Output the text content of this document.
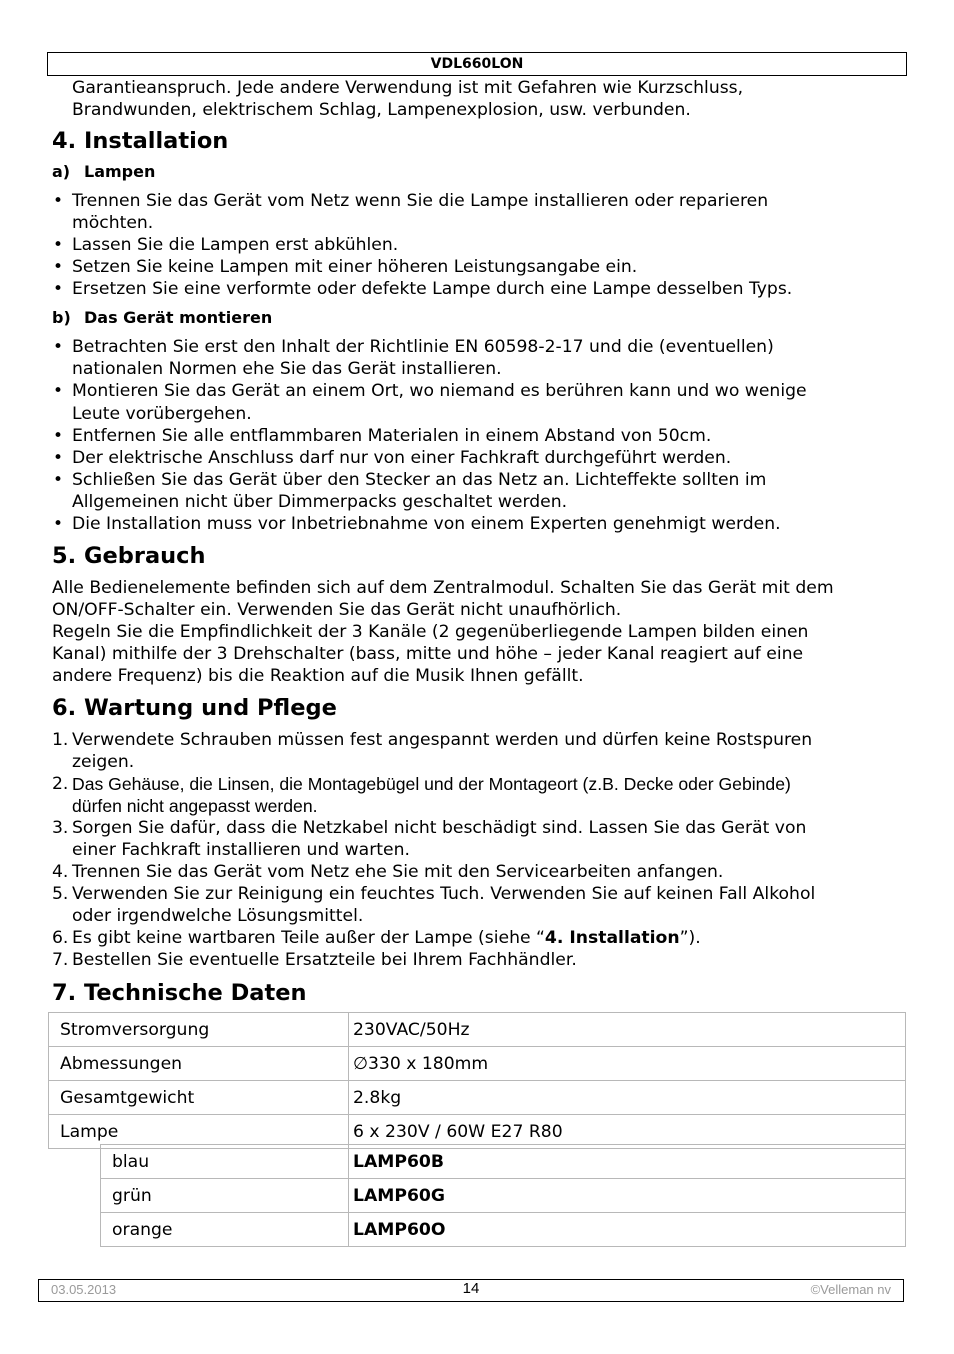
VDL660LON
Garantieanspruch. Jede andere Verwendung ist mit Gefahren wie Kurzschluss,
Brandwunden, elektrischem Schlag, Lampenexplosion, usw. verbunden.
4. Installation
a) Lampen
• Trennen Sie das Gerät vom Netz wenn Sie die Lampe installieren oder reparieren
möchten.
• Lassen Sie die Lampen erst abkühlen.
• Setzen Sie keine Lampen mit einer höheren Leistungsangabe ein.
• Ersetzen Sie eine verformte oder defekte Lampe durch eine Lampe desselben Typs.
b) Das Gerät montieren
• Betrachten Sie erst den Inhalt der Richtlinie EN 60598-2-17 und die (eventuellen)
nationalen Normen ehe Sie das Gerät installieren.
• Montieren Sie das Gerät an einem Ort, wo niemand es berühren kann und wo wenige
Leute vorübergehen.
• Entfernen Sie alle entflammbaren Materialen in einem Abstand von 50cm.
• Der elektrische Anschluss darf nur von einer Fachkraft durchgeführt werden.
• Schließen Sie das Gerät über den Stecker an das Netz an. Lichteffekte sollten im
Allgemeinen nicht über Dimmerpacks geschaltet werden.
• Die Installation muss vor Inbetriebnahme von einem Experten genehmigt werden.
5. Gebrauch
Alle Bedienelemente befinden sich auf dem Zentralmodul. Schalten Sie das Gerät mit dem
ON/OFF-Schalter ein. Verwenden Sie das Gerät nicht unaufhörlich.
Regeln Sie die Empfindlichkeit der 3 Kanäle (2 gegenüberliegende Lampen bilden einen
Kanal) mithilfe der 3 Drehschalter (bass, mitte und höhe – jeder Kanal reagiert auf eine
andere Frequenz) bis die Reaktion auf die Musik Ihnen gefällt.
6. Wartung und Pflege
1. Verwendete Schrauben müssen fest angespannt werden und dürfen keine Rostspuren
zeigen.
2. Das Gehäuse, die Linsen, die Montagebügel und der Montageort (z.B. Decke oder Gebinde)
dürfen nicht angepasst werden.
3. Sorgen Sie dafür, dass die Netzkabel nicht beschädigt sind. Lassen Sie das Gerät von
einer Fachkraft installieren und warten.
4. Trennen Sie das Gerät vom Netz ehe Sie mit den Servicearbeiten anfangen.
5. Verwenden Sie zur Reinigung ein feuchtes Tuch. Verwenden Sie auf keinen Fall Alkohol
oder irgendwelche Lösungsmittel.
6. Es gibt keine wartbaren Teile außer der Lampe (siehe “4. Installation”).
7. Bestellen Sie eventuelle Ersatzteile bei Ihrem Fachhändler.
7. Technische Daten
Stromversorgung	230VAC/50Hz
Abmessungen	∅330 x 180mm
Gesamtgewicht	2.8kg
Lampe	6 x 230V / 60W E27 R80
blau	LAMP60B
grün	LAMP60G
orange	LAMP60O
14
03.05.2013	©Velleman nv
